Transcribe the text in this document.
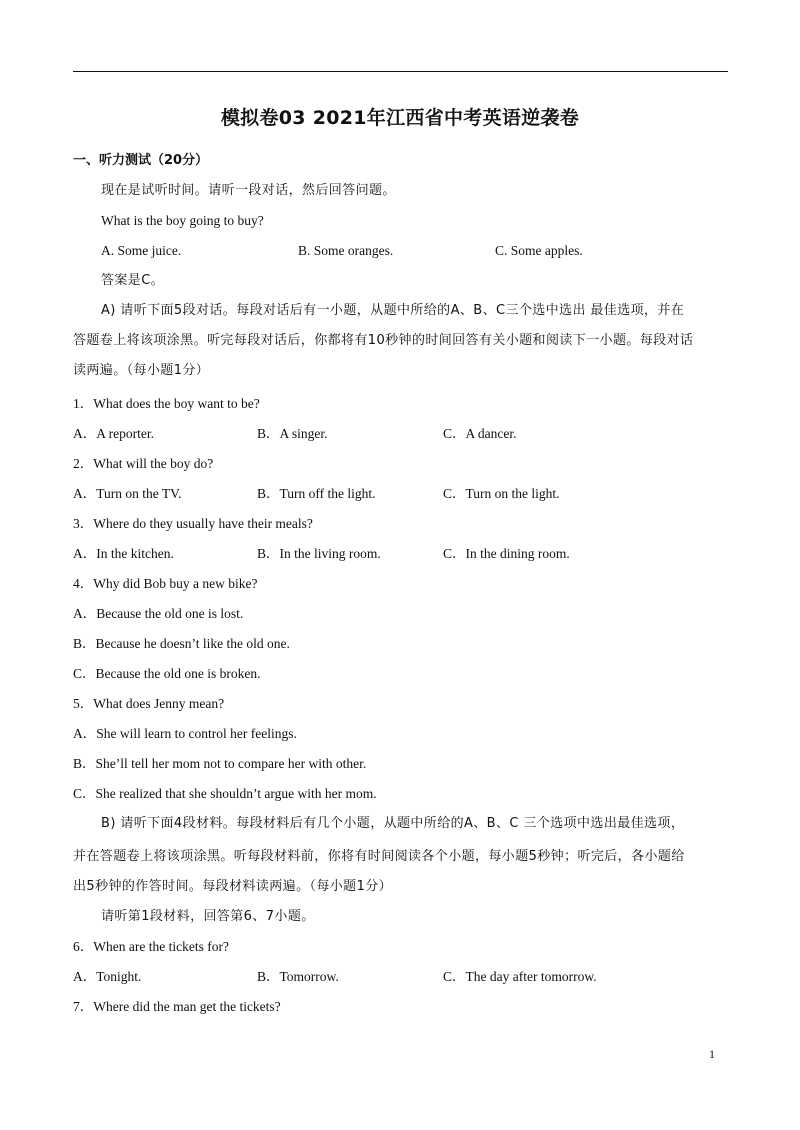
模拟卷03 2021年江西省中考英语逆袭卷
一、听力测试（20分）
现在是试听时间。请听一段对话，然后回答问题。
What is the boy going to buy?
A. Some juice.	B. Some oranges.	C. Some apples.
答案是C。
A) 请听下面5段对话。每段对话后有一小题，从题中所给的A、B、C三个选中选出 最佳选项，并在
答题卷上将该项涂黑。听完每段对话后，你都将有10秒钟的时间回答有关小题和阅读下一小题。每段对话
读两遍。（每小题1分）
1．What does the boy want to be?
A．A reporter.	B．A singer.	C．A dancer.
2．What will the boy do?
A．Turn on the TV.	B．Turn off the light.	C．Turn on the light.
3．Where do they usually have their meals?
A．In the kitchen.	B．In the living room.	C．In the dining room.
4．Why did Bob buy a new bike?
A．Because the old one is lost.
B．Because he doesn’t like the old one.
C．Because the old one is broken.
5．What does Jenny mean?
A．She will learn to control her feelings.
B．She’ll tell her mom not to compare her with other.
C．She realized that she shouldn’t argue with her mom.
B) 请听下面4段材料。每段材料后有几个小题，从题中所给的A、B、C 三个选项中选出最佳选项，
并在答题卷上将该项涂黑。听每段材料前，你将有时间阅读各个小题，每小题5秒钟；听完后，各小题给
出5秒钟的作答时间。每段材料读两遍。（每小题1分）
请听第1段材料，回答第6、7小题。
6．When are the tickets for?
A．Tonight.	B．Tomorrow.	C．The day after tomorrow.
7．Where did the man get the tickets?
1
